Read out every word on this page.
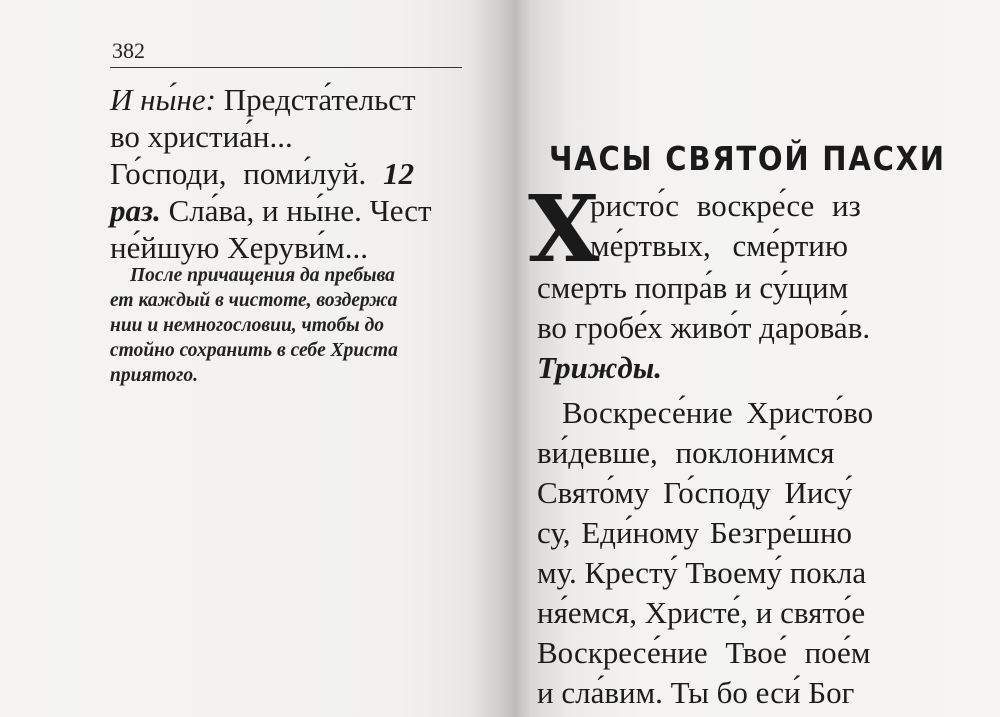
382
И ны́не: Предста́тельст
во христиа́н...
Го́споди, поми́луй. 12
раз. Сла́ва, и ны́не. Чест
не́йшую Херуви́м...
После причащения да пребыва
ет каждый в чистоте, воздержа
нии и немногословии, чтобы до
стойно сохранить в себе Христа
приятого.
ЧАСЫ СВЯТОЙ ПАСХИ
Х
ристо́с воскре́се из
ме́ртвых, сме́ртию
смерть попра́в и су́щим
во гробе́х живо́т дарова́в.
Трижды.
Воскресе́ние Христо́во
ви́девше, поклони́мся
Свято́му Го́споду Иису́
су, Еди́ному Безгре́шно
му. Кресту́ Твоему́ покла
ня́емся, Христе́, и свято́е
Воскресе́ние Твое́ пое́м
и сла́вим. Ты бо еси́ Бог
